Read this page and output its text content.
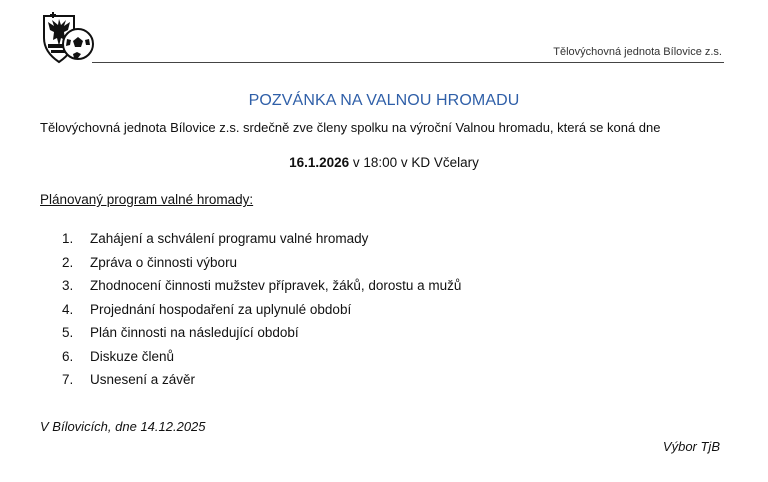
Tělovýchovná jednota Bílovice z.s.
POZVÁNKA NA VALNOU HROMADU
Tělovýchovná jednota Bílovice z.s. srdečně zve členy spolku na výroční Valnou hromadu, která se koná dne
16.1.2026 v 18:00 v KD Včelary
Plánovaný program valné hromady:
1.	Zahájení a schválení programu valné hromady
2.	Zpráva o činnosti výboru
3.	Zhodnocení činnosti mužstev přípravek, žáků, dorostu a mužů
4.	Projednání hospodaření za uplynulé období
5.	Plán činnosti na následující období
6.	Diskuze členů
7.	Usnesení a závěr
V Bílovicích, dne 14.12.2025
Výbor TjB
